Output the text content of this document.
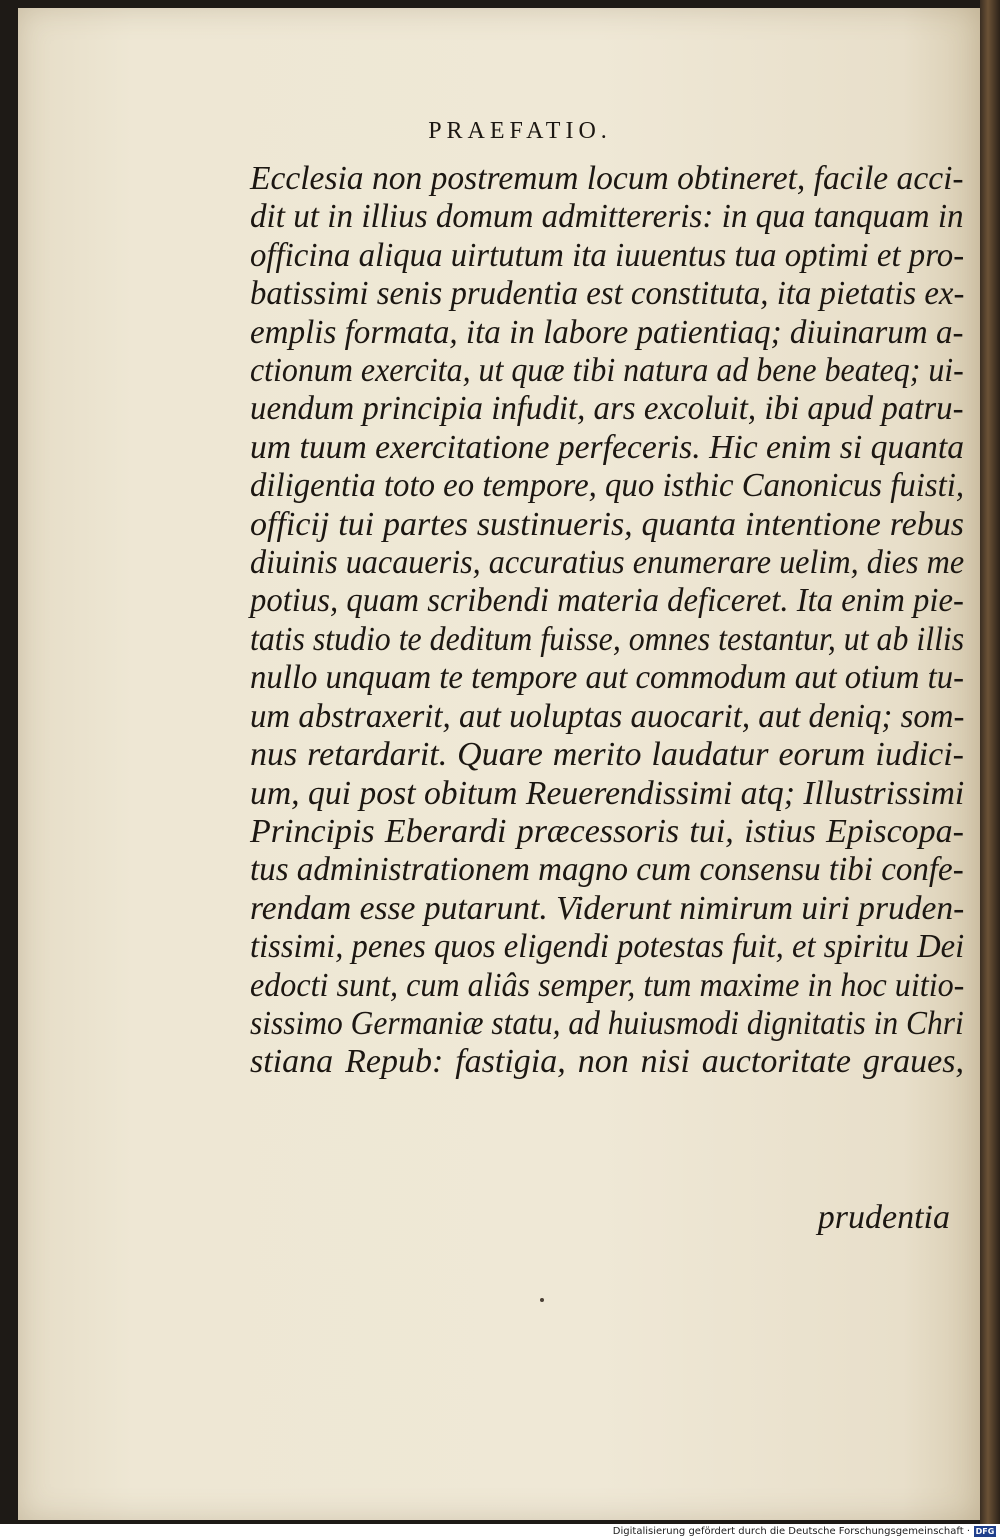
PRAEFATIO.
Ecclesia non postremum locum obtineret, facile acci-
dit ut in illius domum admittereris: in qua tanquam in
officina aliqua uirtutum ita iuuentus tua optimi et pro-
batissimi senis prudentia est constituta, ita pietatis ex-
emplis formata, ita in labore patientiaq; diuinarum a-
ctionum exercita, ut quæ tibi natura ad bene beateq; ui-
uendum principia infudit, ars excoluit, ibi apud patru-
um tuum exercitatione perfeceris. Hic enim si quanta
diligentia toto eo tempore, quo isthic Canonicus fuisti,
officij tui partes sustinueris, quanta intentione rebus
diuinis uacaueris, accuratius enumerare uelim, dies me
potius, quam scribendi materia deficeret. Ita enim pie-
tatis studio te deditum fuisse, omnes testantur, ut ab illis
nullo unquam te tempore aut commodum aut otium tu-
um abstraxerit, aut uoluptas auocarit, aut deniq; som-
nus retardarit. Quare merito laudatur eorum iudici-
um, qui post obitum Reuerendissimi atq; Illustrissimi
Principis Eberardi præcessoris tui, istius Episcopa-
tus administrationem magno cum consensu tibi confe-
rendam esse putarunt. Viderunt nimirum uiri pruden-
tissimi, penes quos eligendi potestas fuit, et spiritu Dei
edocti sunt, cum aliâs semper, tum maxime in hoc uitio-
sissimo Germaniæ statu, ad huiusmodi dignitatis in Chri
stiana Repub: fastigia, non nisi auctoritate graues,
prudentia
Digitalisierung gefördert durch die Deutsche Forschungsgemeinschaft · DFG
